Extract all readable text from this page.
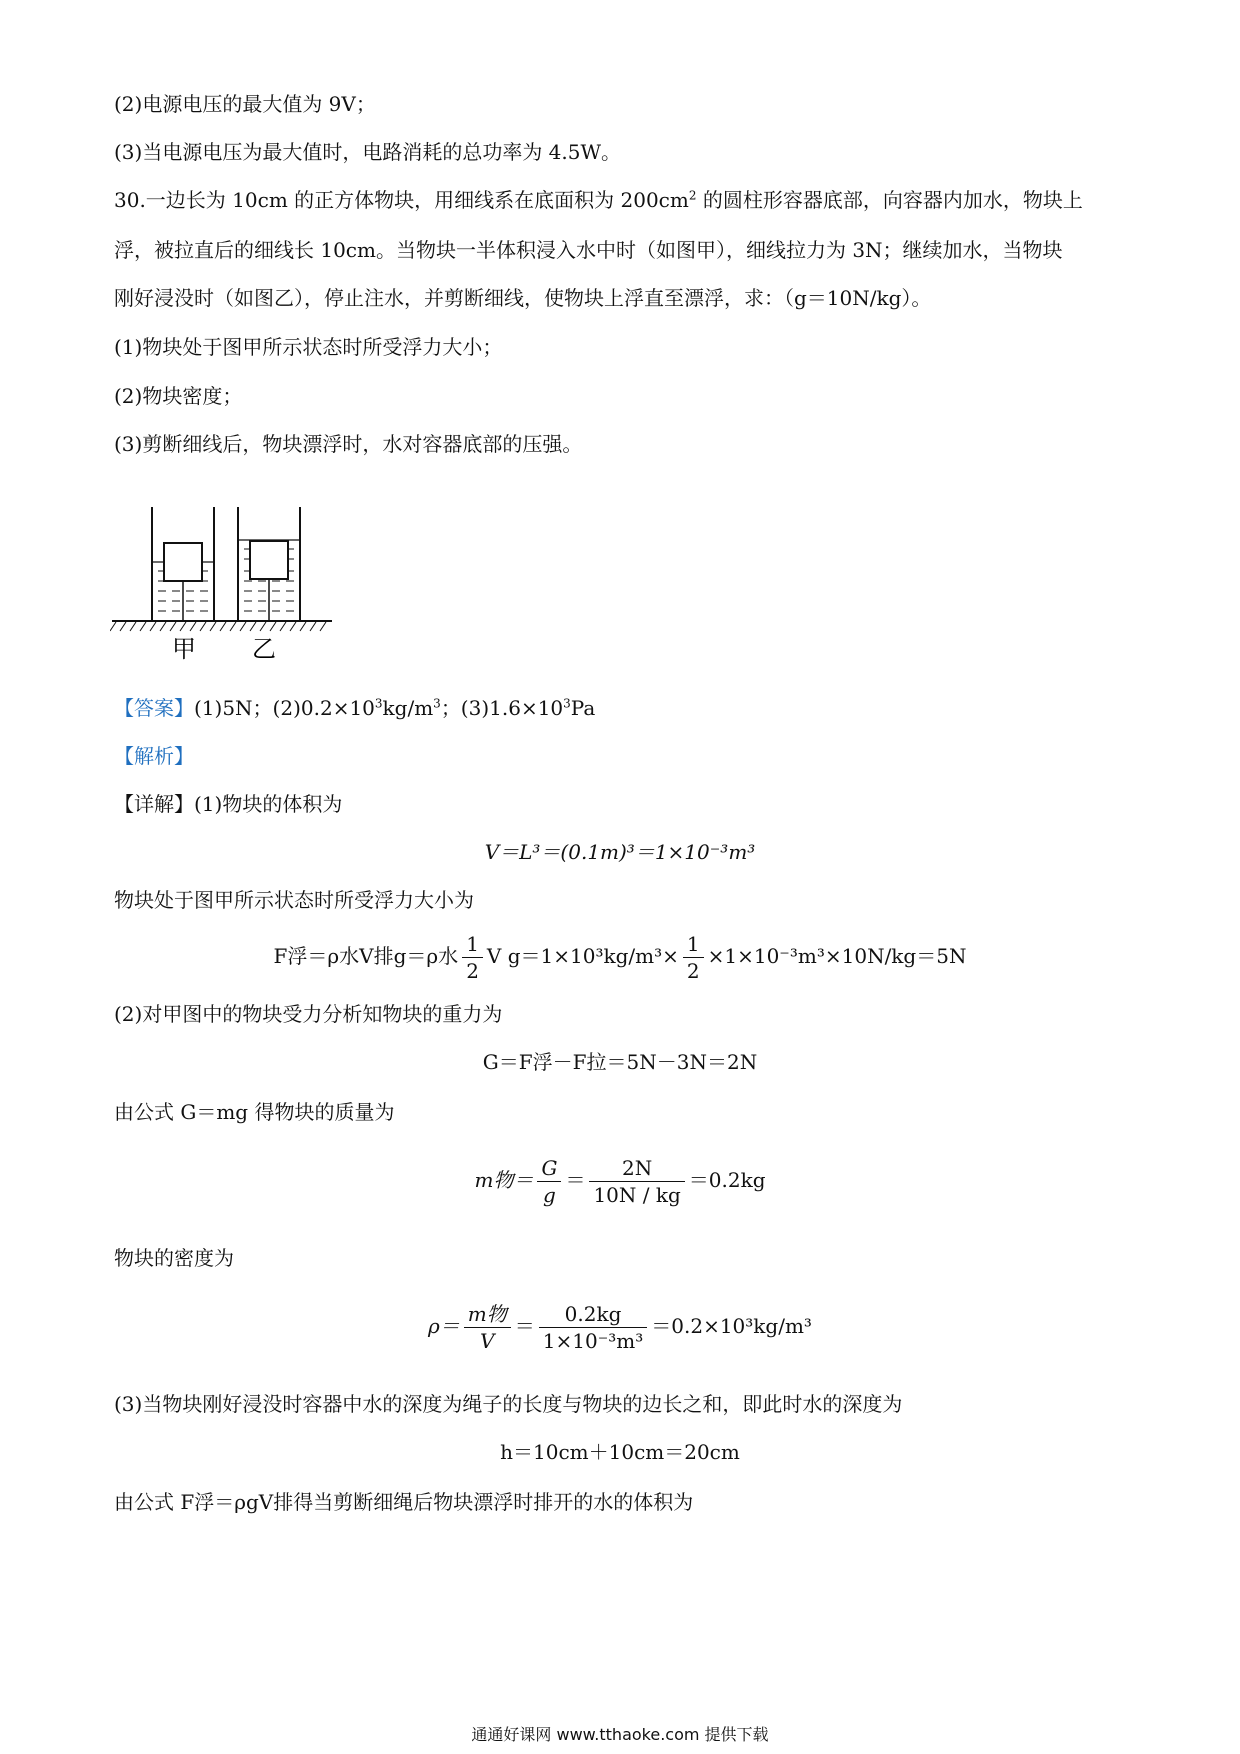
(2)电源电压的最大值为 9V；
(3)当电源电压为最大值时，电路消耗的总功率为 4.5W。
30.一边长为 10cm 的正方体物块，用细线系在底面积为 $200cm^2$ 的圆柱形容器底部，向容器内加水，物块上
浮，被拉直后的细线长 10cm。当物块一半体积浸入水中时（如图甲），细线拉力为 3N；继续加水，当物块
刚好浸没时（如图乙），停止注水，并剪断细线，使物块上浮直至漂浮，求：（g＝10N/kg）。
(1)物块处于图甲所示状态时所受浮力大小；
(2)物块密度；
(3)剪断细线后，物块漂浮时，水对容器底部的压强。
甲 乙
【答案】(1)5N；$(2)0.2\times 10^3kg/m^3$；$(3)1.6\times 10^3Pa$
【解析】
【详解】(1)物块的体积为
V＝L³＝(0.1m)³＝1×10⁻³m³
物块处于图甲所示状态时所受浮力大小为
F浮＝ρ水V排g＝ρ水 $\frac{1}{2}$ V $g=1\times 10^3kg/m^3\times \frac{1}{2} \times 1\times 10^{-3}m^3\times 10N/kg=5N$
(2)对甲图中的物块受力分析知物块的重力为
G＝F浮－F拉＝5N－3N＝2N
由公式 G＝mg 得物块的质量为
m物＝ $\frac{G}{g} = \frac{2N}{10N / kg} =0.2kg$
物块的密度为
$\rho= \frac{\text{m物}}{V} = \frac{0.2kg}{\text{1×10⁻³m³}} =0.2\times 10^3kg/m^3$
(3)当物块刚好浸没时容器中水的深度为绳子的长度与物块的边长之和，即此时水的深度为
h＝10cm＋10cm＝20cm
由公式 F浮＝ρgV排得当剪断细绳后物块漂浮时排开的水的体积为
通通好课网 www.tthaoke.com 提供下载
